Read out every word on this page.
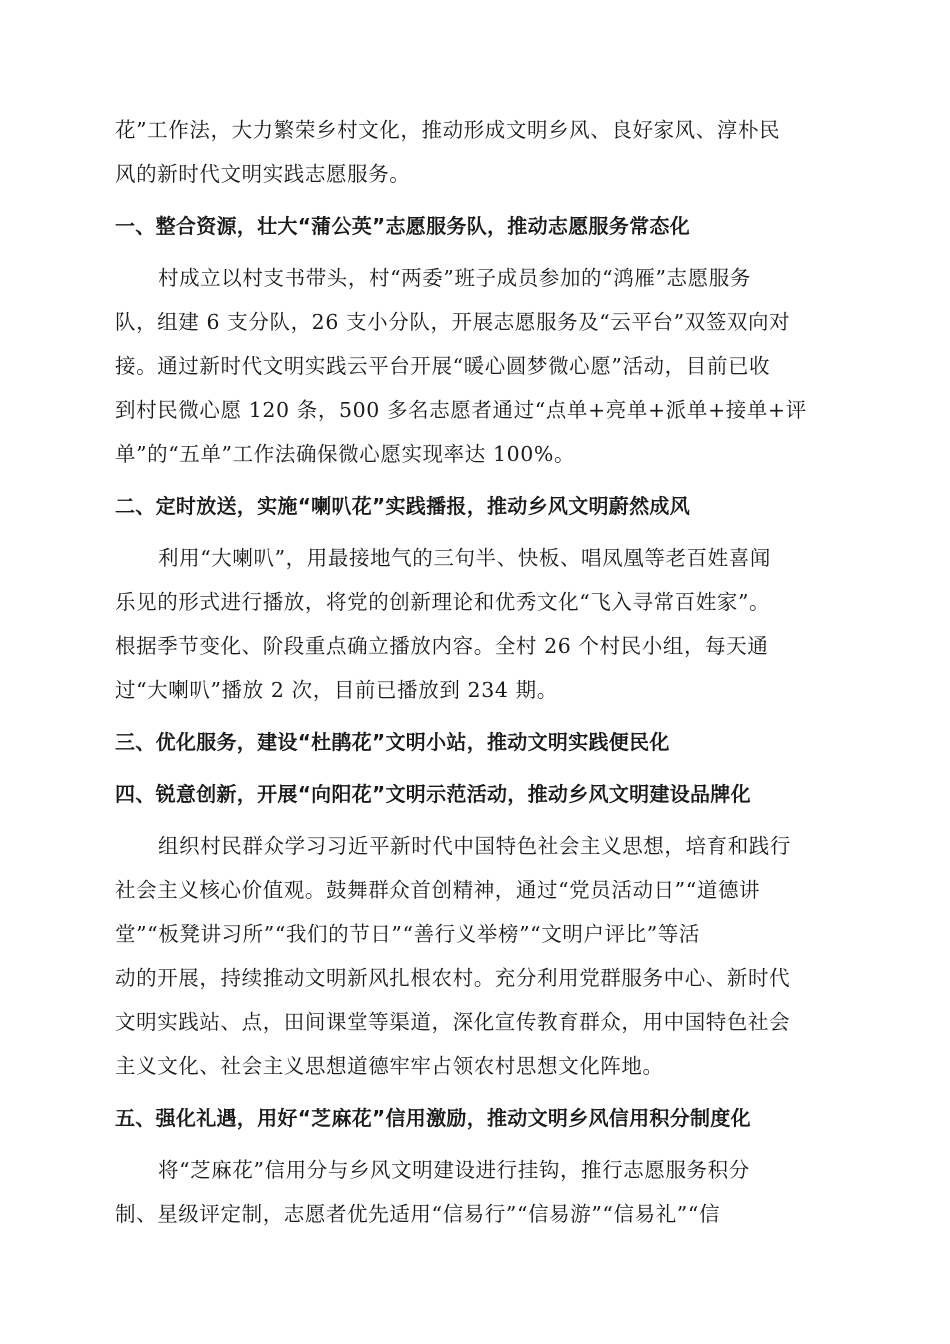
花”工作法，大力繁荣乡村文化，推动形成文明乡风、良好家风、淳朴民
风的新时代文明实践志愿服务。
一、整合资源，壮大“蒲公英”志愿服务队，推动志愿服务常态化
村成立以村支书带头，村“两委”班子成员参加的“鸿雁”志愿服务
队，组建 6 支分队，26 支小分队，开展志愿服务及“云平台”双签双向对
接。通过新时代文明实践云平台开展“暖心圆梦微心愿”活动，目前已收
到村民微心愿 120 条，500 多名志愿者通过“点单+亮单+派单+接单+评
单”的“五单”工作法确保微心愿实现率达 100%。
二、定时放送，实施“喇叭花”实践播报，推动乡风文明蔚然成风
利用“大喇叭”，用最接地气的三句半、快板、唱凤凰等老百姓喜闻
乐见的形式进行播放，将党的创新理论和优秀文化“飞入寻常百姓家”。
根据季节变化、阶段重点确立播放内容。全村 26 个村民小组，每天通
过“大喇叭”播放 2 次，目前已播放到 234 期。
三、优化服务，建设“杜鹃花”文明小站，推动文明实践便民化
四、锐意创新，开展“向阳花”文明示范活动，推动乡风文明建设品牌化
组织村民群众学习习近平新时代中国特色社会主义思想，培育和践行
社会主义核心价值观。鼓舞群众首创精神，通过“党员活动日”“道德讲
堂”“板凳讲习所”“我们的节日”“善行义举榜”“文明户评比”等活
动的开展，持续推动文明新风扎根农村。充分利用党群服务中心、新时代
文明实践站、点，田间课堂等渠道，深化宣传教育群众，用中国特色社会
主义文化、社会主义思想道德牢牢占领农村思想文化阵地。
五、强化礼遇，用好“芝麻花”信用激励，推动文明乡风信用积分制度化
将“芝麻花”信用分与乡风文明建设进行挂钩，推行志愿服务积分
制、星级评定制，志愿者优先适用“信易行”“信易游”“信易礼”“信
